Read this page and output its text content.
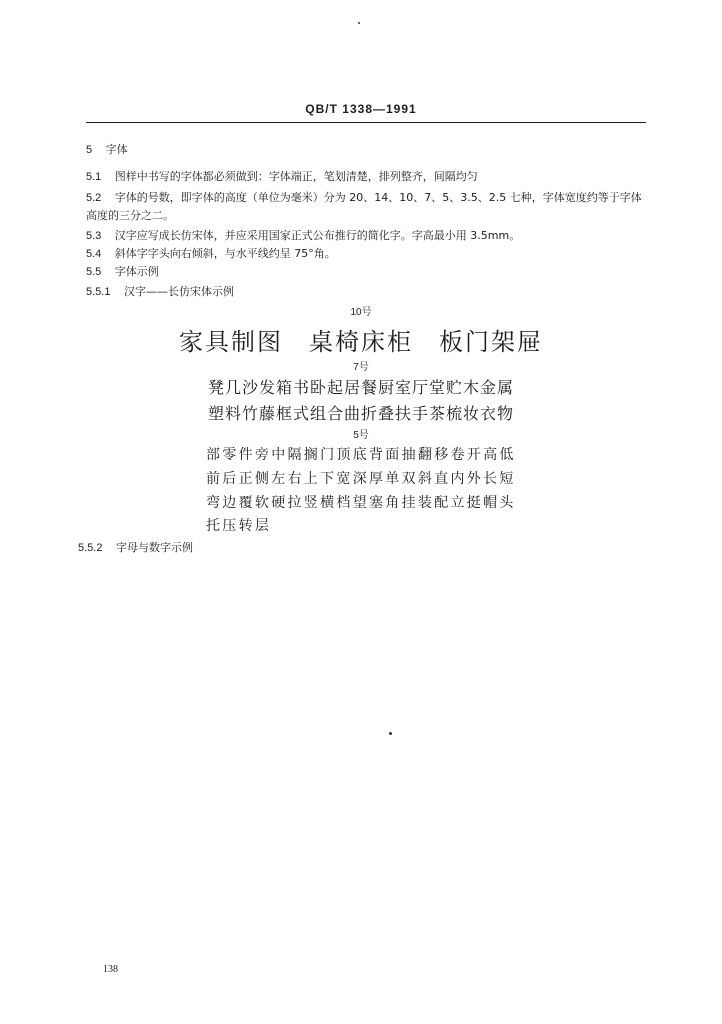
QB/T 1338—1991
5 字体
5.1 图样中书写的字体都必须做到：字体端正，笔划清楚，排列整齐，间隔均匀
5.2 字体的号数，即字体的高度（单位为毫米）分为 20、14、10、7、5、3.5、2.5 七种，字体宽度约等于字体
高度的三分之二。
5.3 汉字应写成长仿宋体，并应采用国家正式公布推行的简化字。字高最小用 3.5mm。
5.4 斜体字字头向右倾斜，与水平线约呈 75°角。
5.5 字体示例
5.5.1 汉字——长仿宋体示例
10号
家具制图 桌椅床柜 板门架屉
7号
凳几沙发箱书卧起居餐厨室厅堂贮木金属
塑料竹藤框式组合曲折叠扶手茶梳妆衣物
5号
部零件旁中隔搁门顶底背面抽翻移卷开高低
前后正侧左右上下宽深厚单双斜直内外长短
弯边覆软硬拉竖横档望塞角挂装配立挺帽头
托压转层
5.5.2 字母与数字示例
138
